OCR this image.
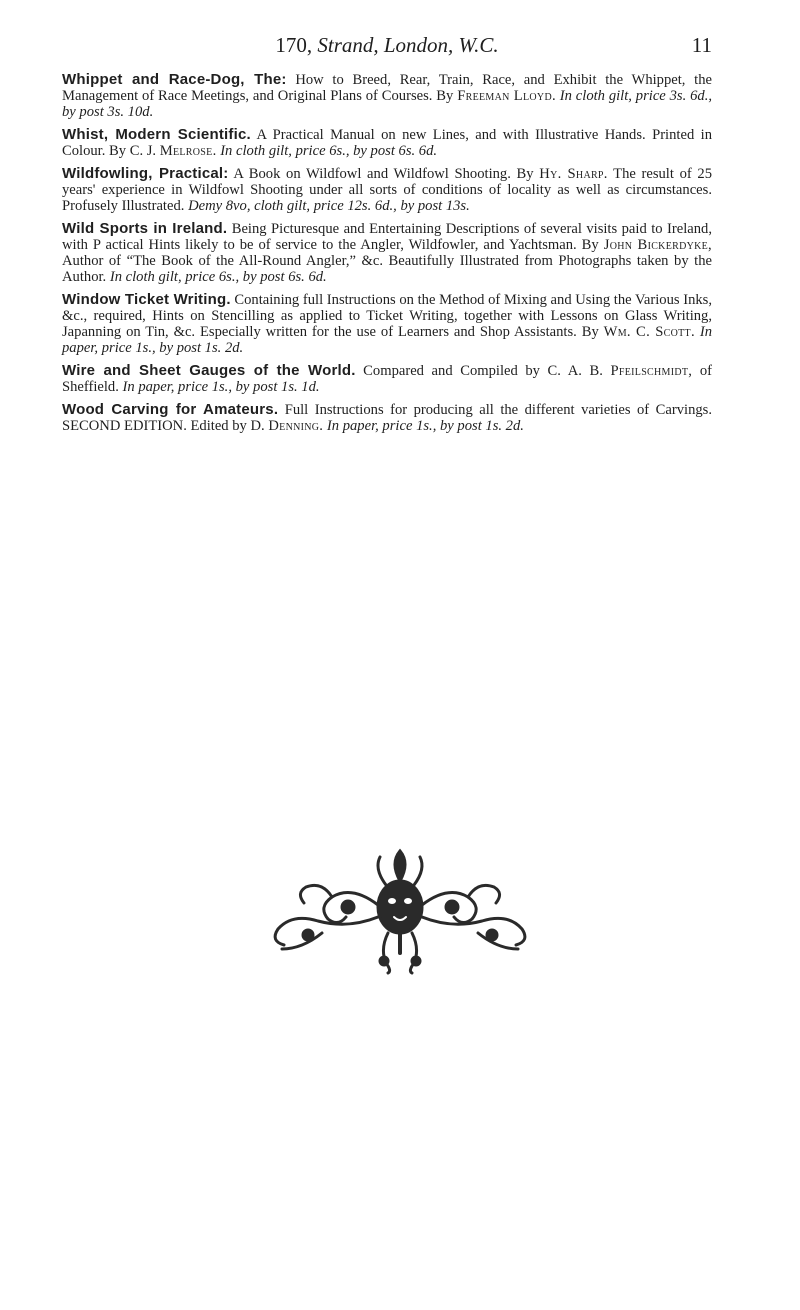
170, Strand, London, W.C.	11

Whippet and Race-Dog, The: How to Breed, Rear, Train, Race, and Exhibit the Whippet, the Management of Race Meetings, and Original Plans of Courses. By Freeman Lloyd. In cloth gilt, price 3s. 6d., by post 3s. 10d.

Whist, Modern Scientific. A Practical Manual on new Lines, and with Illustrative Hands. Printed in Colour. By C. J. Melrose. In cloth gilt, price 6s., by post 6s. 6d.

Wildfowling, Practical: A Book on Wildfowl and Wildfowl Shooting. By Hy. Sharp. The result of 25 years' experience in Wildfowl Shooting under all sorts of conditions of locality as well as circumstances. Profusely Illustrated. Demy 8vo, cloth gilt, price 12s. 6d., by post 13s.

Wild Sports in Ireland. Being Picturesque and Entertaining Descriptions of several visits paid to Ireland, with P actical Hints likely to be of service to the Angler, Wildfowler, and Yachtsman. By John Bickerdyke, Author of “The Book of the All-Round Angler,” &c. Beautifully Illustrated from Photographs taken by the Author. In cloth gilt, price 6s., by post 6s. 6d.

Window Ticket Writing. Containing full Instructions on the Method of Mixing and Using the Various Inks, &c., required, Hints on Stencilling as applied to Ticket Writing, together with Lessons on Glass Writing, Japanning on Tin, &c. Especially written for the use of Learners and Shop Assistants. By Wm. C. Scott. In paper, price 1s., by post 1s. 2d.

Wire and Sheet Gauges of the World. Compared and Compiled by C. A. B. Pfeilschmidt, of Sheffield. In paper, price 1s., by post 1s. 1d.

Wood Carving for Amateurs. Full Instructions for producing all the different varieties of Carvings. SECOND EDITION. Edited by D. Denning. In paper, price 1s., by post 1s. 2d.
